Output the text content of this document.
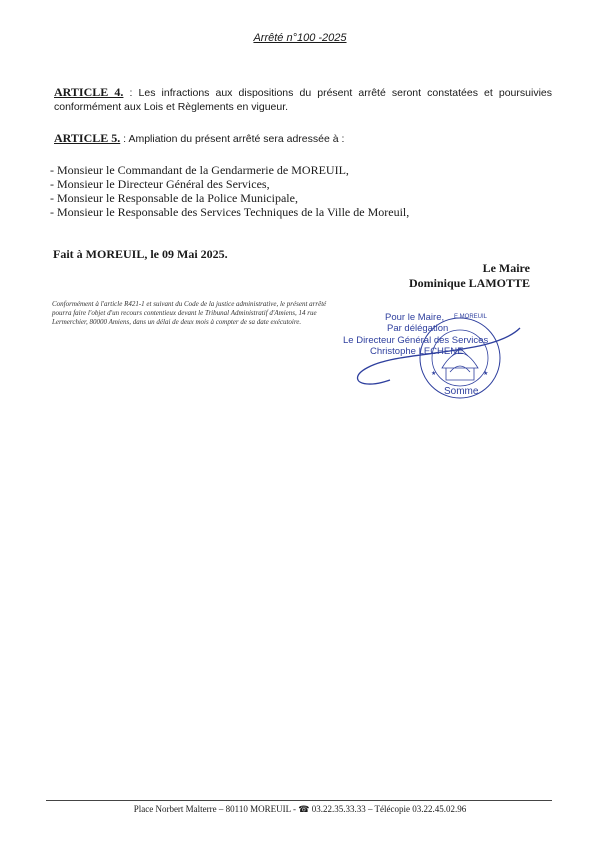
Arrêté n°100 -2025
ARTICLE 4. : Les infractions aux dispositions du présent arrêté seront constatées et poursuivies conformément aux Lois et Règlements en vigueur.
ARTICLE 5. : Ampliation du présent arrêté sera adressée à :
- Monsieur le Commandant de la Gendarmerie de MOREUIL,
- Monsieur le Directeur Général des Services,
- Monsieur le Responsable de la Police Municipale,
- Monsieur le Responsable des Services Techniques de la Ville de Moreuil,
Fait à MOREUIL, le 09 Mai 2025.
Le Maire
Dominique LAMOTTE
Conformément à l'article R421-1 et suivant du Code de la justice administrative, le présent arrêté pourra faire l'objet d'un recours contentieux devant le Tribunal Administratif d'Amiens, 14 rue Lermerchier, 80000 Amiens, dans un délai de deux mois à compter de sa date exécutoire.
★	★
E MOREUIL
Pour le Maire,
Par délégation
Le Directeur Général des Services
Christophe LECHENE
Somme
Place Norbert Malterre – 80110 MOREUIL - ☎ 03.22.35.33.33 – Télécopie 03.22.45.02.96
